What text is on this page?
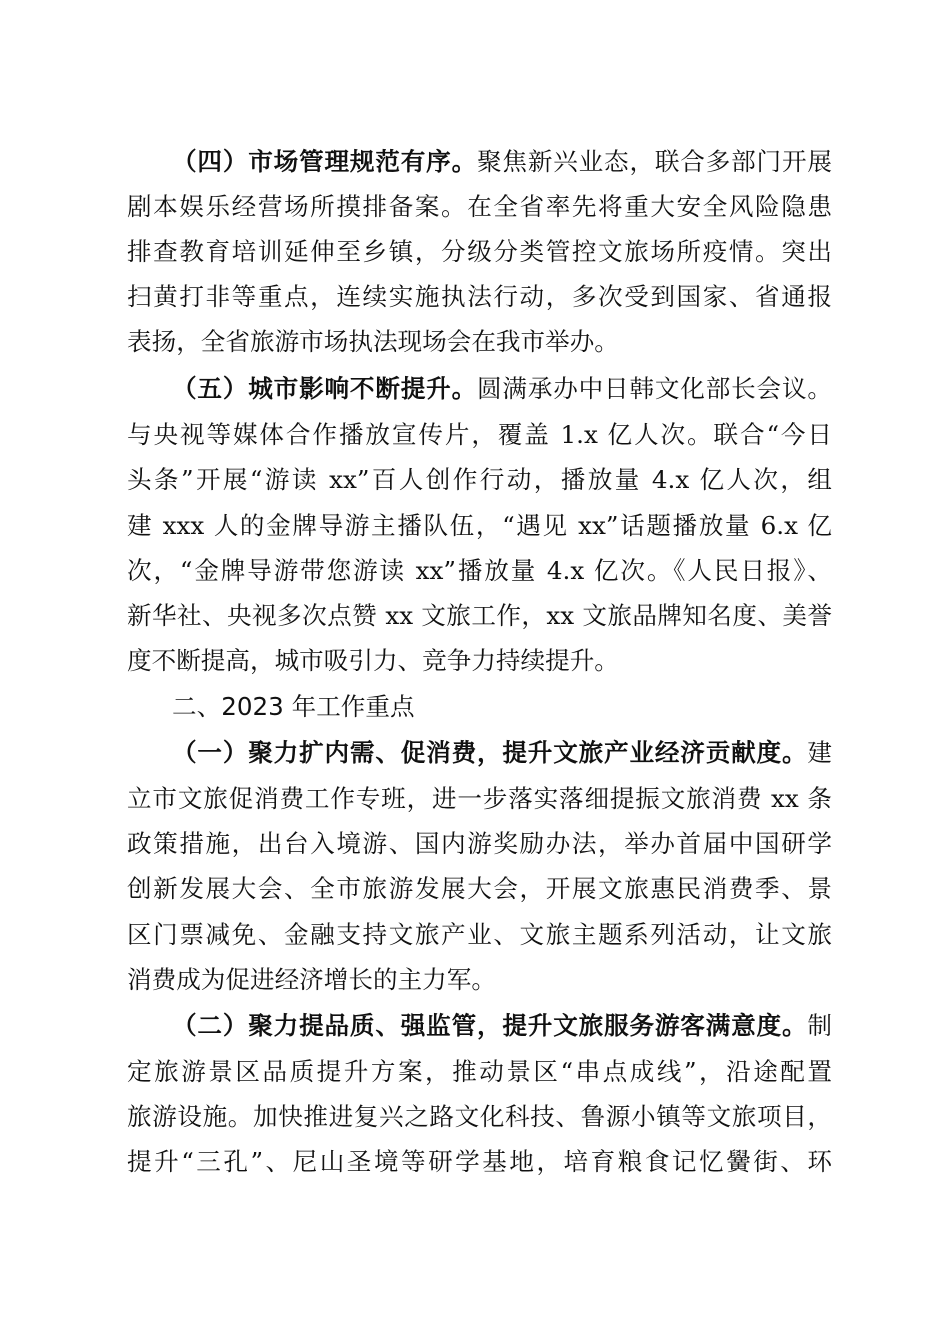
（四）市场管理规范有序。聚焦新兴业态，联合多部门开展
剧本娱乐经营场所摸排备案。在全省率先将重大安全风险隐患
排查教育培训延伸至乡镇，分级分类管控文旅场所疫情。突出
扫黄打非等重点，连续实施执法行动，多次受到国家、省通报
表扬，全省旅游市场执法现场会在我市举办。
（五）城市影响不断提升。圆满承办中日韩文化部长会议。
与央视等媒体合作播放宣传片，覆盖 1.x 亿人次。联合“今日
头条”开展“游读 xx”百人创作行动，播放量 4.x 亿人次，组
建 xxx 人的金牌导游主播队伍，“遇见 xx”话题播放量 6.x 亿
次，“金牌导游带您游读 xx”播放量 4.x 亿次。《人民日报》、
新华社、央视多次点赞 xx 文旅工作，xx 文旅品牌知名度、美誉
度不断提高，城市吸引力、竞争力持续提升。
二、2023 年工作重点
（一）聚力扩内需、促消费，提升文旅产业经济贡献度。建
立市文旅促消费工作专班，进一步落实落细提振文旅消费 xx 条
政策措施，出台入境游、国内游奖励办法，举办首届中国研学
创新发展大会、全市旅游发展大会，开展文旅惠民消费季、景
区门票减免、金融支持文旅产业、文旅主题系列活动，让文旅
消费成为促进经济增长的主力军。
（二）聚力提品质、强监管，提升文旅服务游客满意度。制
定旅游景区品质提升方案，推动景区“串点成线”，沿途配置
旅游设施。加快推进复兴之路文化科技、鲁源小镇等文旅项目，
提升“三孔”、尼山圣境等研学基地，培育粮食记忆黌街、环
